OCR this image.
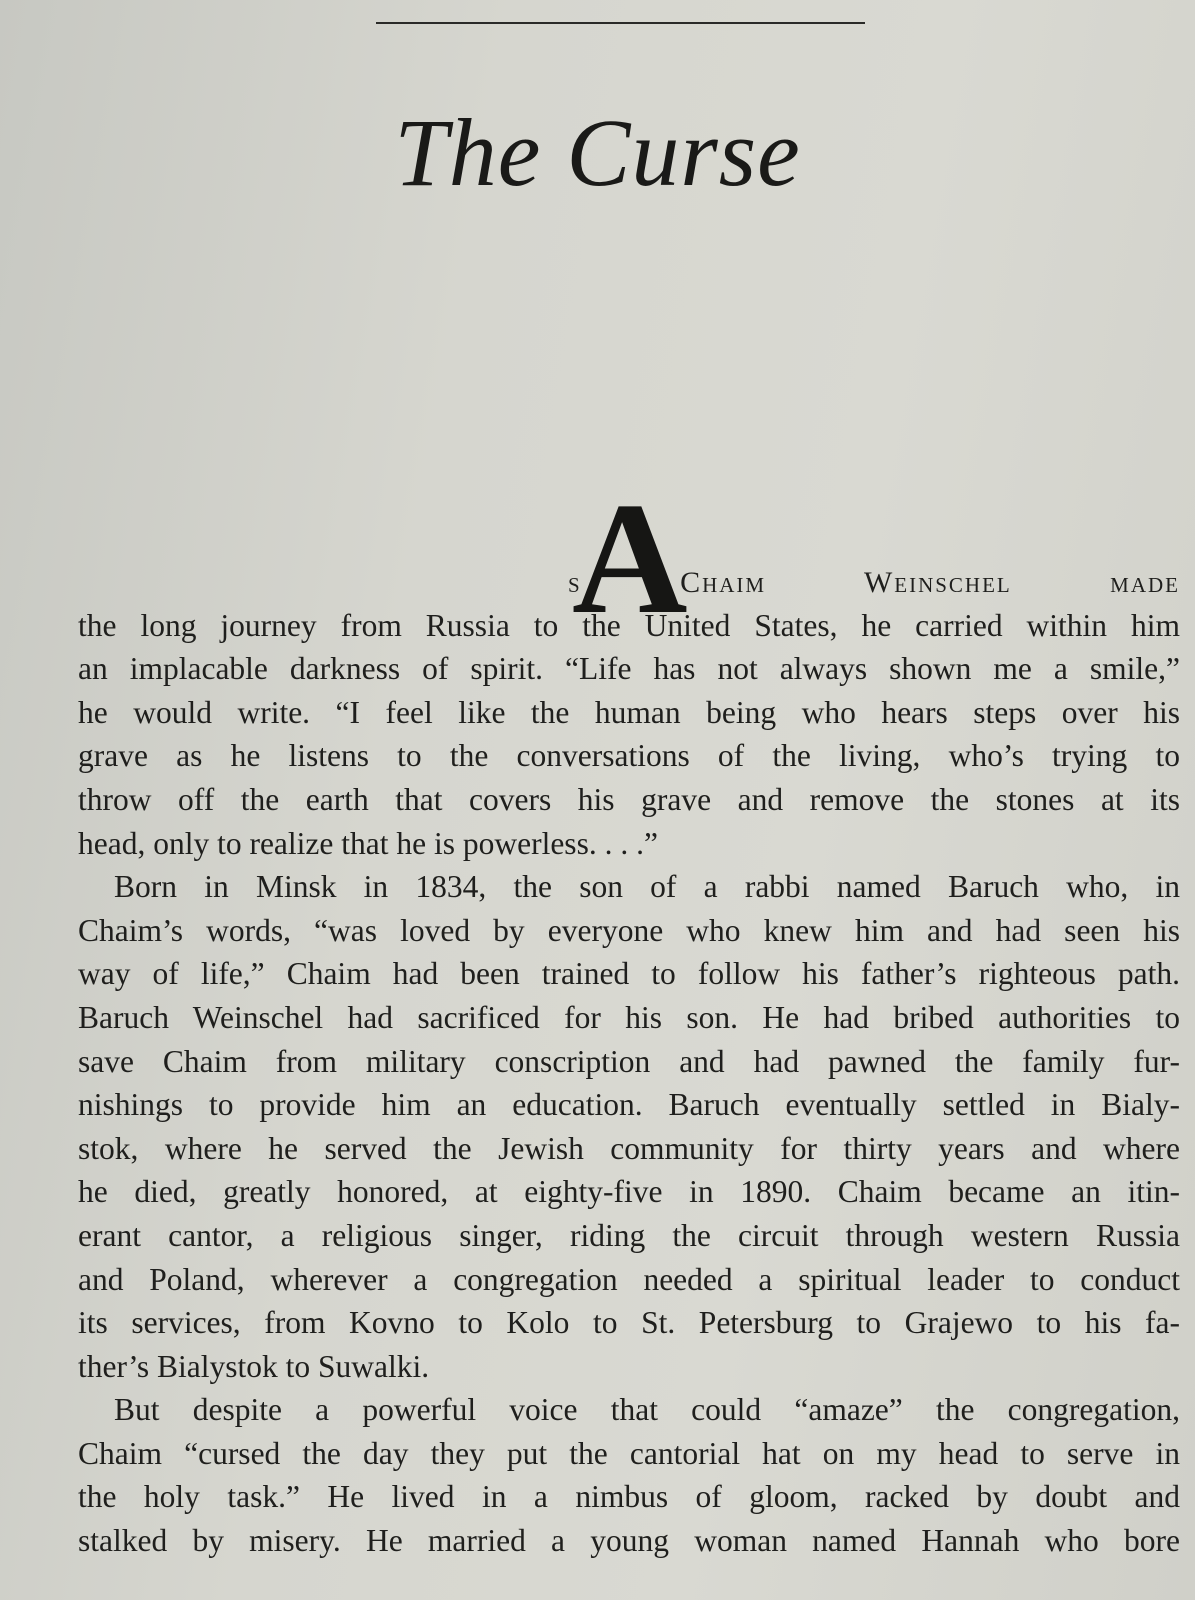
The Curse
A
s Chaim Weinschel made
the long journey from Russia to the United States, he carried within him
an implacable darkness of spirit. “Life has not always shown me a smile,”
he would write. “I feel like the human being who hears steps over his
grave as he listens to the conversations of the living, who’s trying to
throw off the earth that covers his grave and remove the stones at its
head, only to realize that he is powerless. . . .”
Born in Minsk in 1834, the son of a rabbi named Baruch who, in
Chaim’s words, “was loved by everyone who knew him and had seen his
way of life,” Chaim had been trained to follow his father’s righteous path.
Baruch Weinschel had sacrificed for his son. He had bribed authorities to
save Chaim from military conscription and had pawned the family fur-
nishings to provide him an education. Baruch eventually settled in Bialy-
stok, where he served the Jewish community for thirty years and where
he died, greatly honored, at eighty-five in 1890. Chaim became an itin-
erant cantor, a religious singer, riding the circuit through western Russia
and Poland, wherever a congregation needed a spiritual leader to conduct
its services, from Kovno to Kolo to St. Petersburg to Grajewo to his fa-
ther’s Bialystok to Suwalki.
But despite a powerful voice that could “amaze” the congregation,
Chaim “cursed the day they put the cantorial hat on my head to serve in
the holy task.” He lived in a nimbus of gloom, racked by doubt and
stalked by misery. He married a young woman named Hannah who bore
